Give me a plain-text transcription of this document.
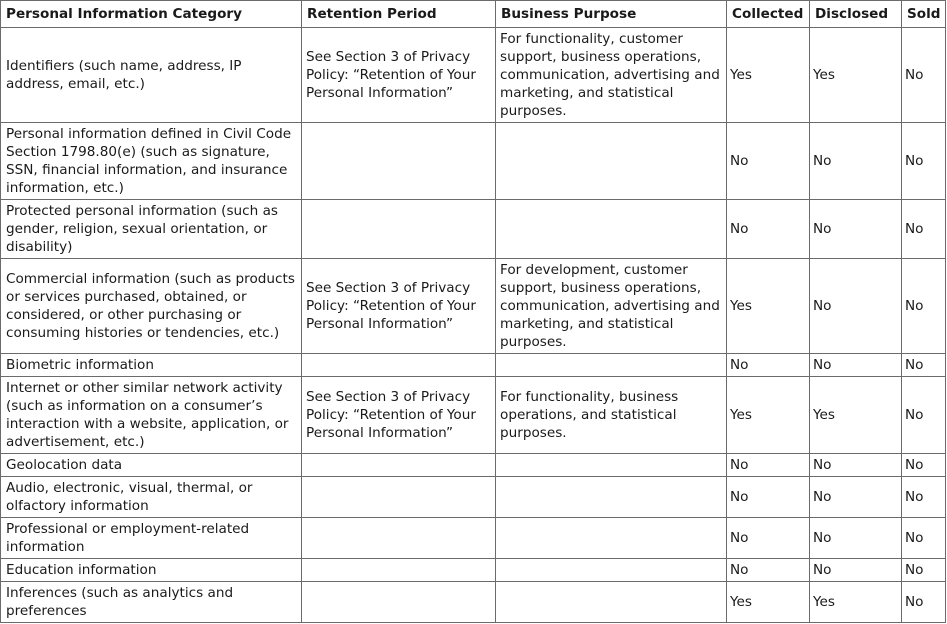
Personal Information Category	Retention Period	Business Purpose	Collected	Disclosed	Sold
Identifiers (such name, address, IP address, email, etc.)	See Section 3 of Privacy Policy: “Retention of Your Personal Information”	For functionality, customer support, business operations, communication, advertising and marketing, and statistical purposes.	Yes	Yes	No
Personal information defined in Civil Code Section 1798.80(e) (such as signature, SSN, financial information, and insurance information, etc.)			No	No	No
Protected personal information (such as gender, religion, sexual orientation, or disability)			No	No	No
Commercial information (such as products or services purchased, obtained, or considered, or other purchasing or consuming histories or tendencies, etc.)	See Section 3 of Privacy Policy: “Retention of Your Personal Information”	For development, customer support, business operations, communication, advertising and marketing, and statistical purposes.	Yes	No	No
Biometric information			No	No	No
Internet or other similar network activity (such as information on a consumer’s interaction with a website, application, or advertisement, etc.)	See Section 3 of Privacy Policy: “Retention of Your Personal Information”	For functionality, business operations, and statistical purposes.	Yes	Yes	No
Geolocation data			No	No	No
Audio, electronic, visual, thermal, or olfactory information			No	No	No
Professional or employment-related information			No	No	No
Education information			No	No	No
Inferences (such as analytics and preferences			Yes	Yes	No
